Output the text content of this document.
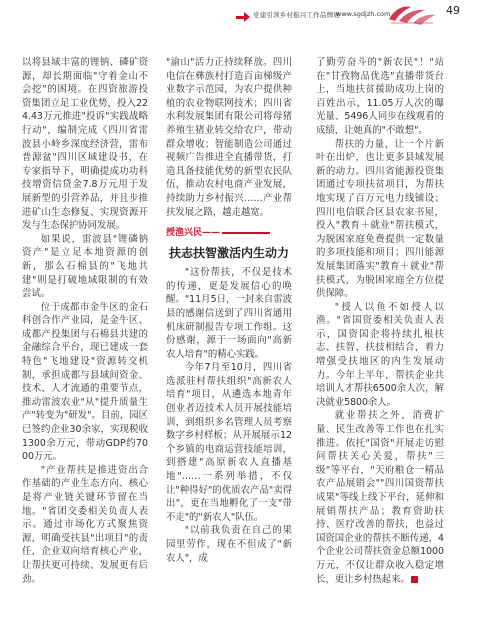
党建引领乡村振兴工作品牌展
www.sgdjzh.com	49

以将县域丰富的锂钠、磷矿资源，却长期面临"守着金山不会挖"的困境。在四资旅游投资集团立足工业优势，投入224.43万元推进"投诉"实践战略行动"，编制完成《四川省雷波县小岭乡深度经济营，雷布普源盆"四川区域建设书，在专家指导下，明确提成功功科技增资信贷金7.8万元用于发展新型的引营养品，并且步推进矿山生态修复、实现资源开发与生态保护协同发展。

如果说，雷波县"锂磷钠资产"是立足本地资源的创新，那么石棉县的"飞地共建"则是打破地域限制的有效尝试。

位于成都市金牛区的金石科创合作产业园，是金牛区、成都产投集团与石棉县共建的金融综合平台，现已建成一套特色"飞地建设"资源转交机制，承担成都与县域间资金、技术、人才流通的重要节点，推动雷波农业"从"提升质量生产"转变为"研发"。目前，园区已签约企业30余家，实现税收1300余万元，带动GDP约7000万元。

"产业帮扶是推进资出合作基础的产业生态方向、核心是将产业链关键环节留在当地。"省团交委相关负责人表示。通过市场化方式聚焦资源，明确受扶县"出项目"的责任，企业双向培育核心产业，让帮扶更可持续、发展更有后劲。

"渝山"活力正持续释放。四川电信在彝族村打造百亩梯级产业数字示范园，为农户提供种植的农业物联网技术；四川省水利发展集团有限公司将母猪养殖生猪业转交给农户，带动群众增收；智能制造公司通过视频广告推进全直播带货，打造具备技能优势的新型农民队伍，推动农村电商产业发展，持续助力乡村振兴……产业帮扶发展之路，越走越宽。

授渔兴民——
扶志扶智激活内生动力

"这份帮扶，不仅是技术的传递，更是发展信心的唤醒。"11月5日，一封来自雷波县的感谢信送到了四川省通用机床研制报告专项工作组。这份感谢，源于一场面向"高新农人培育"的精心实践。

今年7月至10月，四川省选派驻村帮扶组织"高新农人培育"项目，从遴选本地青年创业者迈技术人员开展技能培训，到组织多名管理人员考察数字乡村样板；从开展展示12个乡镇的电商运营技能培训，到搭建"高原新农人直播基地"……一系列举措，不仅让"种得好"的优质农产品"卖得出"，更在当地孵化了一支"带不走"的"新农人"队伍。

"以前我负责在自己的果园里劳作，现在不但成了"新农人"，成

了勤劳奋斗的"新农民"！"站在"甘孜物品优选"直播带货台上，当地扶贫援助成功上岗的百姓出示，11.05万人次的曝光量、5496人同步在线观看的成绩，让她真的"不敢想"。

帮扶的力量，让一个片新叶在出炉，也让更多县域发展新的动力。四川省能源投资集团通过专项扶贫项目，为帮扶地实现了百万元电力线铺设；四川电信联合区县农家书屋，投入"教育＋就业"帮扶模式，为脱困家庭免费提供一定数量的多项技能和项目；四川能源发展集团落实"教育＋就业"帮扶模式，为脱困家庭全方位提供保障。

"授人以鱼不如授人以渔。"省国资委相关负责人表示，国资国企将持续扎根扶志、扶智、扶技相结合，着力增强受扶地区的内生发展动力。今年上半年，帮扶企业共培训人才帮扶6500余人次，解决就业5800余人。

就业帮扶之外，消费扩量、民生改善等工作也在扎实推进。依托"国资"开展走访慰问帮扶关心关爱，帮扶"三级"等平台，"天府粮仓一精品农产品展销会""四川国资帮扶成果"等线上线下平台，延伸和展销帮扶产品；教育资助扶持、医疗改善的帮扶，也益过国资国企业的帮扶不断传递，4个企业公司帮扶资金总额1000万元，不仅让群众收入稳定增长，更让乡村热起来。
